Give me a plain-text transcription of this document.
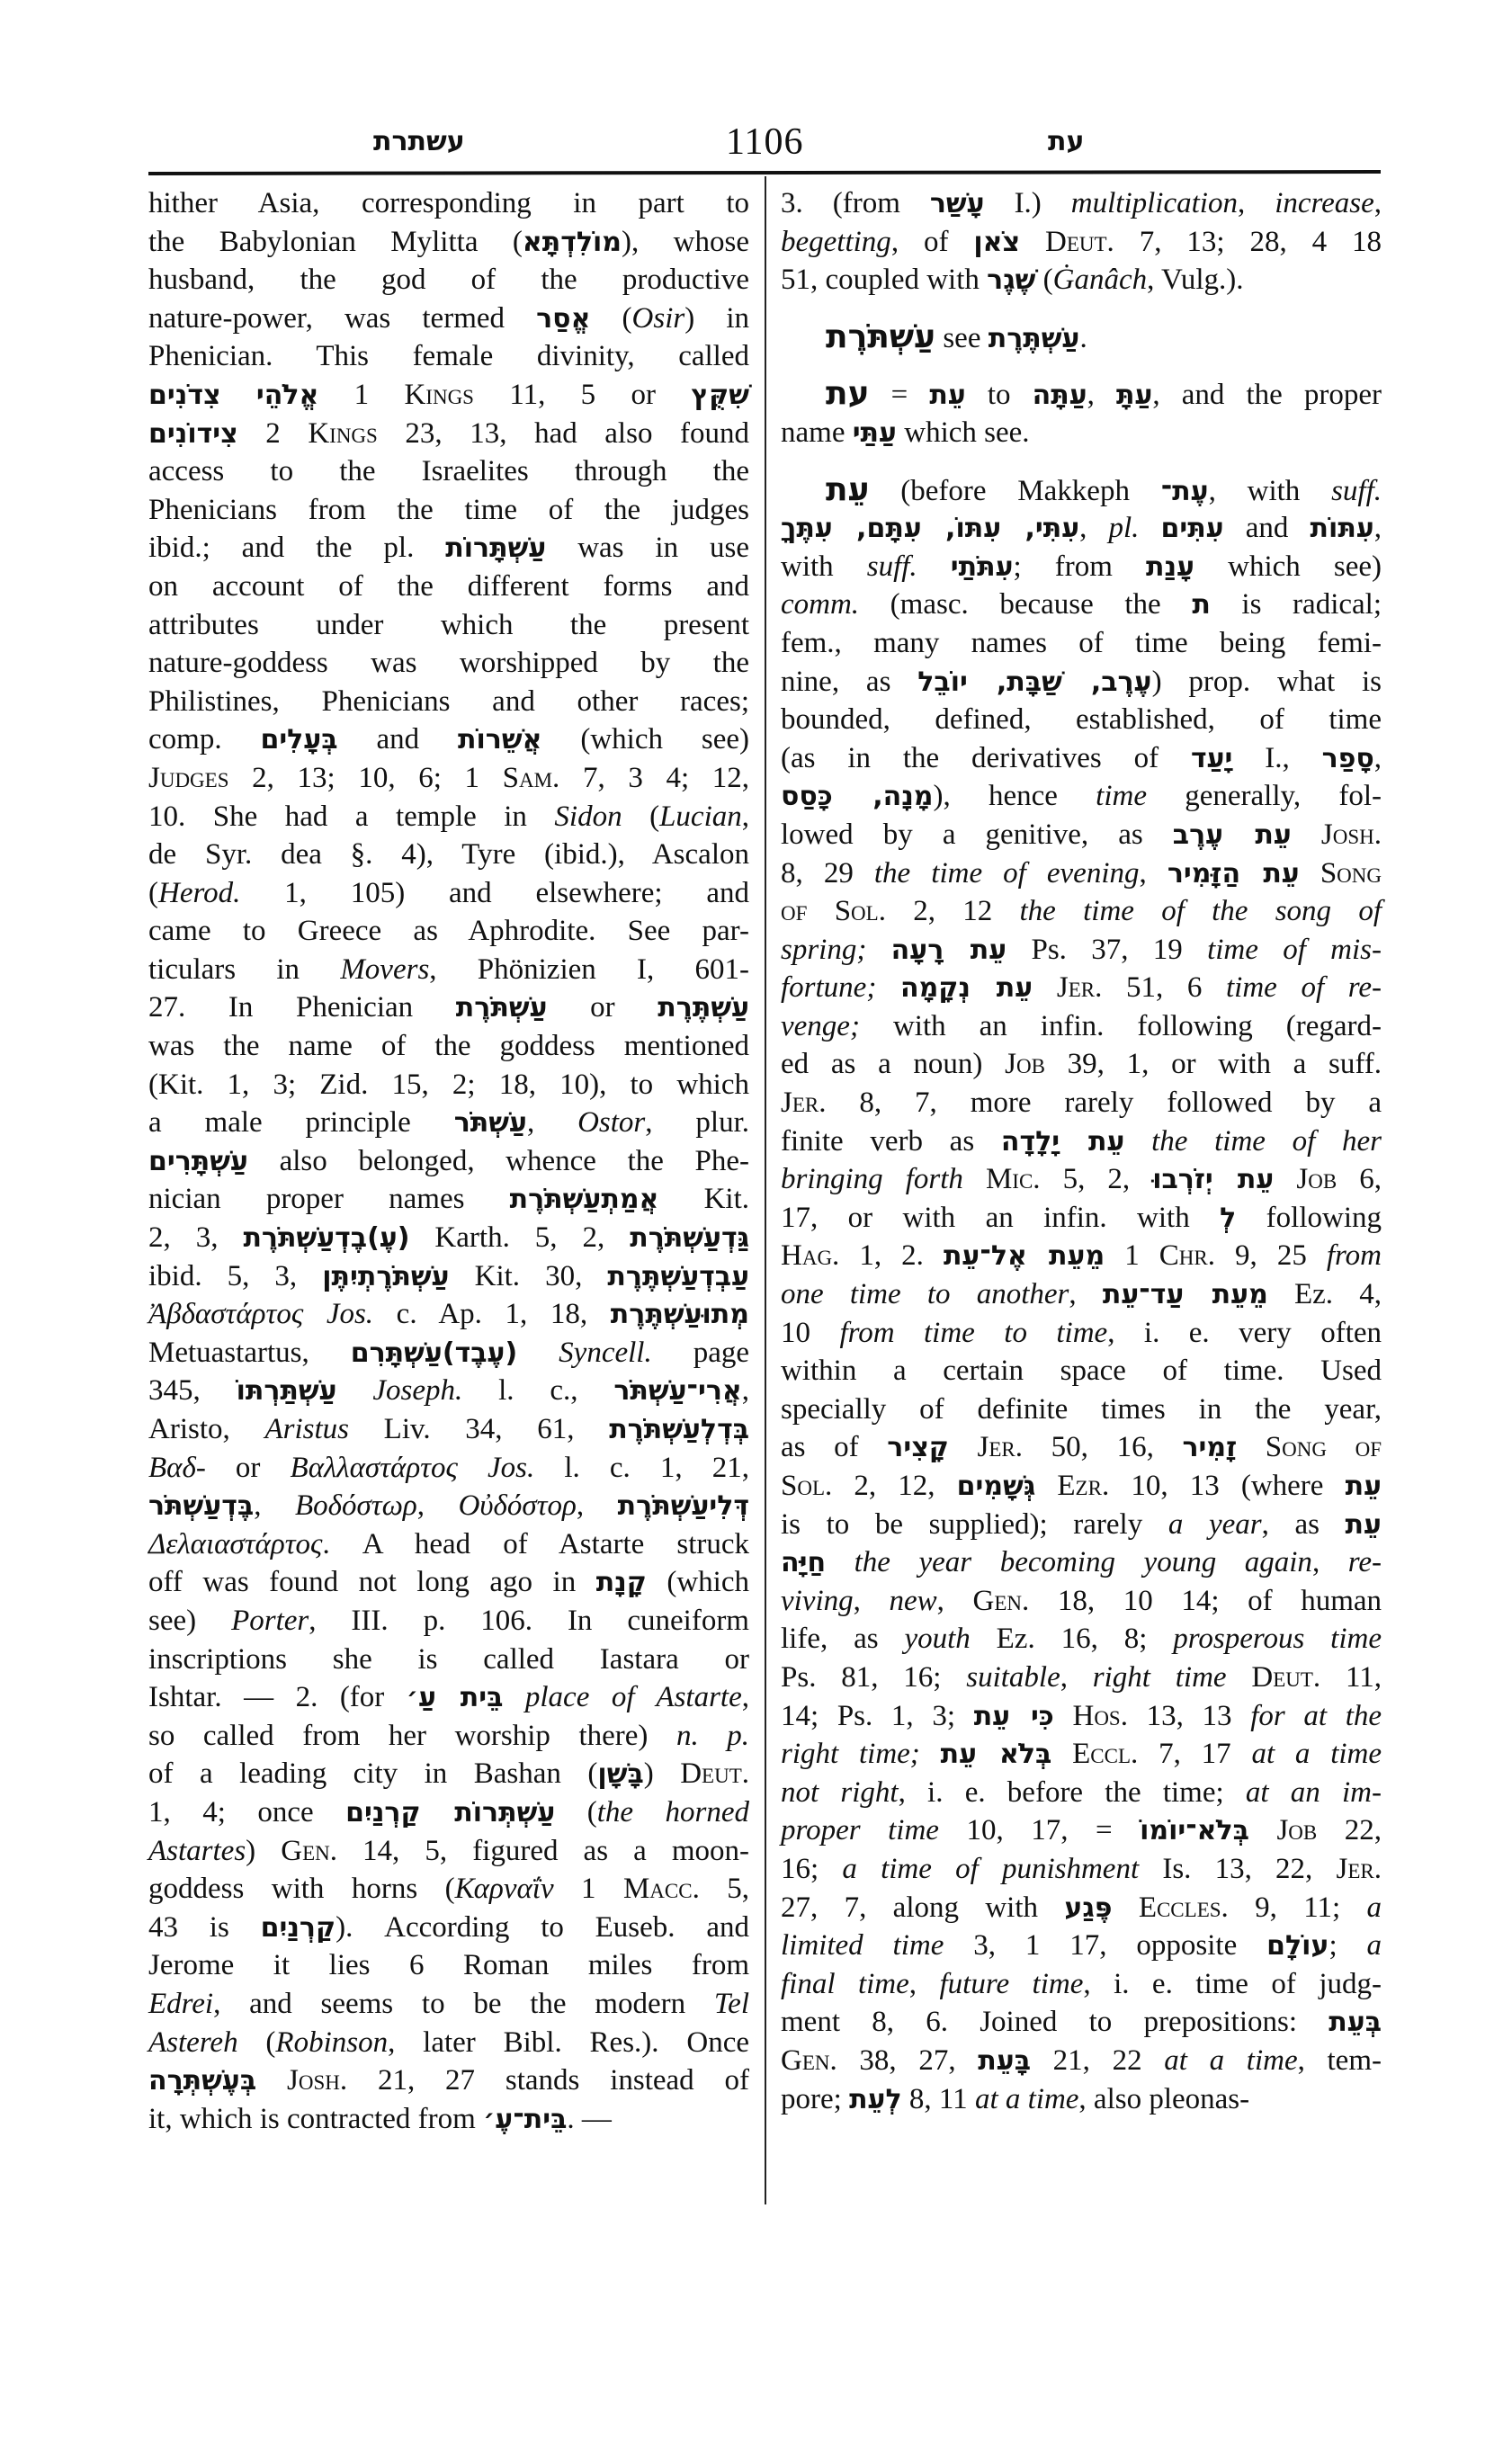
עשתרת	1106	עת
hither Asia, corresponding in part to
the Babylonian Mylitta (מוֹלִדְתָּא), whose
husband, the god of the productive
nature-power, was termed אֱסַר (Osir) in
Phenician. This female divinity, called
צִדֹנִים אֱלֹהֵי 1 Kings 11, 5 or שִׁקֻּץ
צִידוֹנִים 2 Kings 23, 13, had also found
access to the Israelites through the
Phenicians from the time of the judges
ibid.; and the pl. עַשְׁתָּרוֹת was in use
on account of the different forms and
attributes under which the present
nature-goddess was worshipped by the
Philistines, Phenicians and other races;
comp. בְּעָלִים and אֲשֵׁרוֹת (which see)
Judges 2, 13; 10, 6; 1 Sam. 7, 3 4; 12,
10. She had a temple in Sidon (Lucian,
de Syr. dea §. 4), Tyre (ibid.), Ascalon
(Herod. 1, 105) and elsewhere; and
came to Greece as Aphrodite. See par-
ticulars in Movers, Phönizien I, 601-
27. In Phenician עַשְׁתֹּרֶת or עַשְׁתֶּרֶת
was the name of the goddess mentioned
(Kit. 1, 3; Zid. 15, 2; 18, 10), to which
a male principle עַשְׁתֹּר, Ostor, plur.
עַשְׁתָּרִים also belonged, whence the Phe-
nician proper names אֲמַתְעַשְׁתֹּרֶת Kit.
2, 3, (עֶ)בֶדְעַשְׁתֹּרֶת Karth. 5, 2, גַּדְעַשְׁתֹּרֶת
ibid. 5, 3, עַשְׁתֹּרֶתְיִתֶּן Kit. 30, עַבְדְעַשְׁתֶּרֶת
Ἀβδαστάρτος Jos. c. Ap. 1, 18, מְתוּעַשְׁתֶּרֶת
Metuastartus, (עֶבֶד)עַשְׁתָּרִם Syncell. page
345, עַשְׁתַּרְתּוֹ Joseph. l. c., אֲרִי־עַשְׁתֹּר,
Aristo, Aristus Liv. 34, 61, בְּדְלְעַשְׁתֹּרֶת
Βαδ- or Βαλλαστάρτος Jos. l. c. 1, 21,
בֶּדְעַשְׁתֹּר, Βοδόστωρ, Οὐδόστορ, דְּלִיעַשְׁתֹּרֶת
Δελαιαστάρτος. A head of Astarte struck
off was found not long ago in קָנָת (which
see) Porter, III. p. 106. In cuneiform
inscriptions she is called Iastara or
Ishtar. — 2. (for בֵּית עַ׳ place of Astarte,
so called from her worship there) n. p.
of a leading city in Bashan (בָּשָׁן) Deut.
1, 4; once עַשְׁתְּרוֹת קַרְנַיִם (the horned
Astartes) Gen. 14, 5, figured as a moon-
goddess with horns (Καρναΐν 1 Macc. 5,
43 is קַרְנַיִם). According to Euseb. and
Jerome it lies 6 Roman miles from
Edrei, and seems to be the modern Tel
Astereh (Robinson, later Bibl. Res.). Once
בְּעֶשְׁתְּרָה Josh. 21, 27 stands instead of
it, which is contracted from בֵּית־עֶ׳. —
3. (from עָשַׁר I.) multiplication, increase,
begetting, of צֹאן Deut. 7, 13; 28, 4 18
51, coupled with שֶׁגֶר (Ġanâch, Vulg.).

עַשְׁתֹּרֶת see עַשְׁתֶּרֶת.

עת = עֵת to עַתָּה, עַתָּ, and the proper
name עַתַּי which see.

עֵת (before Makkeph עֶת־, with suff.
עִתִּי, עִתּוֹ, עִתָּם, עִתֶּךָ, pl. עִתִּים and עִתּוֹת,
with suff. עִתֹּתַי; from עָנַת which see)
comm. (masc. because the ת is radical;
fem., many names of time being femi-
nine, as עֶרֶב, שַׁבָּת, יוֹבֵל) prop. what is
bounded, defined, established, of time
(as in the derivatives of יָעַד I., סָפַר,
מָנָה, כָּסַס), hence time generally, fol-
lowed by a genitive, as עֵת עֶרֶב Josh.
8, 29 the time of evening, עֵת הַזָּמִיר Song
of Sol. 2, 12 the time of the song of
spring; עֵת רָעָה Ps. 37, 19 time of mis-
fortune; עֵת נְקָמָה Jer. 51, 6 time of re-
venge; with an infin. following (regard-
ed as a noun) Job 39, 1, or with a suff.
Jer. 8, 7, more rarely followed by a
finite verb as עֵת יָלָדָה the time of her
bringing forth Mic. 5, 2, עֵת יְזֹרְבוּ Job 6,
17, or with an infin. with לְ following
Hag. 1, 2. מֵעֵת אֶל־עֵת 1 Chr. 9, 25 from
one time to another, מֵעֵת עַד־עֵת Ez. 4,
10 from time to time, i. e. very often
within a certain space of time. Used
specially of definite times in the year,
as of קָצִיר Jer. 50, 16, זָמִיר Song of
Sol. 2, 12, גְּשָׁמִים Ezr. 10, 13 (where עֵת
is to be supplied); rarely a year, as עֵת
חַיָּה the year becoming young again, re-
viving, new, Gen. 18, 10 14; of human
life, as youth Ez. 16, 8; prosperous time
Ps. 81, 16; suitable, right time Deut. 11,
14; Ps. 1, 3; כִּי עֵת Hos. 13, 13 for at the
right time; בְּלֹא עֵת Eccl. 7, 17 at a time
not right, i. e. before the time; at an im-
proper time 10, 17, = בְּלֹא־יוֹמוֹ Job 22,
16; a time of punishment Is. 13, 22, Jer.
27, 7, along with פֶּגַע Eccles. 9, 11; a
limited time 3, 1 17, opposite עוֹלָם; a
final time, future time, i. e. time of judg-
ment 8, 6. Joined to prepositions: בְּעֵת
Gen. 38, 27, בָּעֵת 21, 22 at a time, tem-
pore; לְעֵת 8, 11 at a time, also pleonas-
